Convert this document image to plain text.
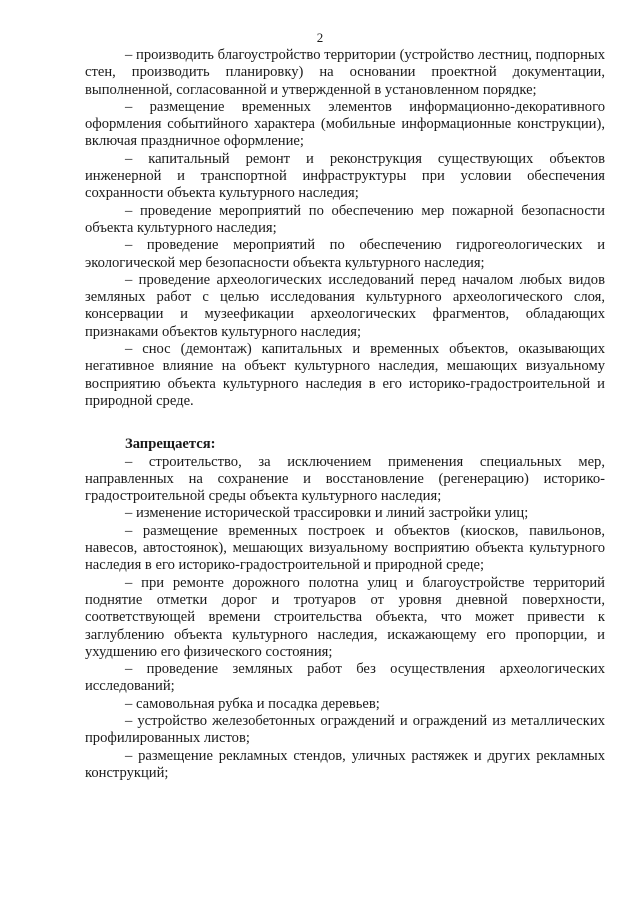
2

– производить благоустройство территории (устройство лестниц, подпорных стен, производить планировку) на основании проектной документации, выполненной, согласованной и утвержденной в установленном порядке;

– размещение временных элементов информационно-декоративного оформления событийного характера (мобильные информационные конструкции), включая праздничное оформление;

– капитальный ремонт и реконструкция существующих объектов инженерной и транспортной инфраструктуры при условии обеспечения сохранности объекта культурного наследия;

– проведение мероприятий по обеспечению мер пожарной безопасности объекта культурного наследия;

– проведение мероприятий по обеспечению гидрогеологических и экологической мер безопасности объекта культурного наследия;

– проведение археологических исследований перед началом любых видов земляных работ с целью исследования культурного археологического слоя, консервации и музеефикации археологических фрагментов, обладающих признаками объектов культурного наследия;

– снос (демонтаж) капитальных и временных объектов, оказывающих негативное влияние на объект культурного наследия, мешающих визуальному восприятию объекта культурного наследия в его историко-градостроительной и природной среде.

Запрещается:

– строительство, за исключением применения специальных мер, направленных на сохранение и восстановление (регенерацию) историко-градостроительной среды объекта культурного наследия;

– изменение исторической трассировки и линий застройки улиц;

– размещение временных построек и объектов (киосков, павильонов, навесов, автостоянок), мешающих визуальному восприятию объекта культурного наследия в его историко-градостроительной и природной среде;

– при ремонте дорожного полотна улиц и благоустройстве территорий поднятие отметки дорог и тротуаров от уровня дневной поверхности, соответствующей времени строительства объекта, что может привести к заглублению объекта культурного наследия, искажающему его пропорции, и ухудшению его физического состояния;

– проведение земляных работ без осуществления археологических исследований;

– самовольная рубка и посадка деревьев;

– устройство железобетонных ограждений и ограждений из металлических профилированных листов;

– размещение рекламных стендов, уличных растяжек и других рекламных конструкций;
